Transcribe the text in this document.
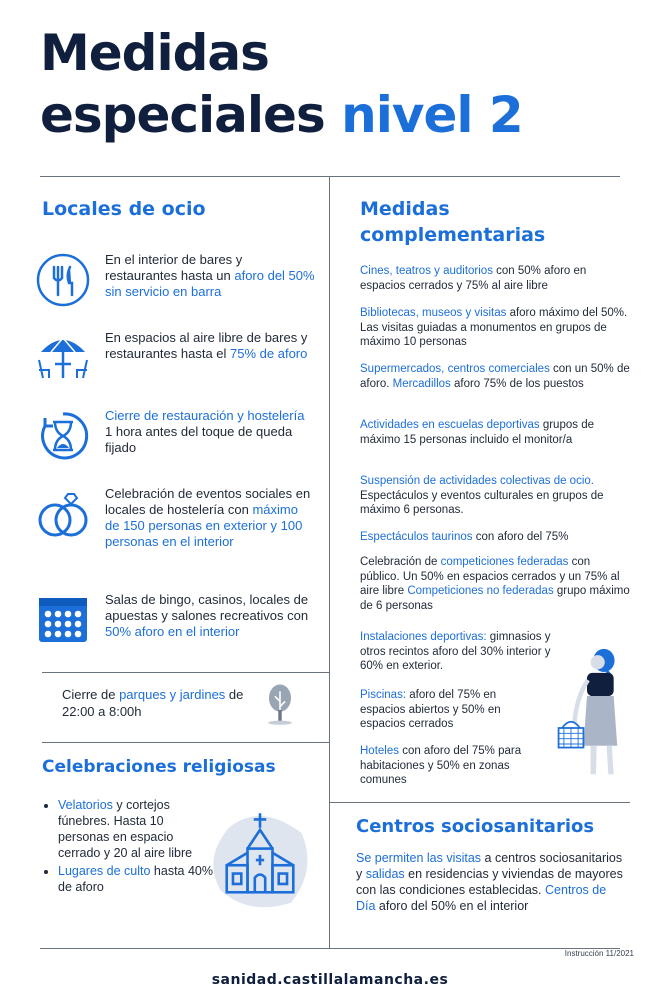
Medidas
especiales nivel 2
Locales de ocio
En el interior de bares y restaurantes hasta un aforo del 50% sin servicio en barra
En espacios al aire libre de bares y restaurantes hasta el 75% de aforo
Cierre de restauración y hostelería 1 hora antes del toque de queda fijado
Celebración de eventos sociales en locales de hostelería con máximo de 150 personas en exterior y 100 personas en el interior
Salas de bingo, casinos, locales de apuestas y salones recreativos con 50% aforo en el interior
Cierre de parques y jardines de 22:00 a 8:00h
Celebraciones religiosas
• Velatorios y cortejos fúnebres. Hasta 10 personas en espacio cerrado y 20 al aire libre
• Lugares de culto hasta 40% de aforo
Medidas
complementarias
Cines, teatros y auditorios con 50% aforo en espacios cerrados y 75% al aire libre
Bibliotecas, museos y visitas aforo máximo del 50%. Las visitas guiadas a monumentos en grupos de máximo 10 personas
Supermercados, centros comerciales con un 50% de aforo. Mercadillos aforo 75% de los puestos
Actividades en escuelas deportivas grupos de máximo 15 personas incluido el monitor/a
Suspensión de actividades colectivas de ocio. Espectáculos y eventos culturales en grupos de máximo 6 personas.
Espectáculos taurinos con aforo del 75%
Celebración de competiciones federadas con público. Un 50% en espacios cerrados y un 75% al aire libre Competiciones no federadas grupo máximo de 6 personas
Instalaciones deportivas: gimnasios y otros recintos aforo del 30% interior y 60% en exterior.
Piscinas: aforo del 75% en espacios abiertos y 50% en espacios cerrados
Hoteles con aforo del 75% para habitaciones y 50% en zonas comunes
Centros sociosanitarios
Se permiten las visitas a centros sociosanitarios y salidas en residencias y viviendas de mayores con las condiciones establecidas. Centros de Día aforo del 50% en el interior
Instrucción 11/2021
sanidad.castillalamancha.es
